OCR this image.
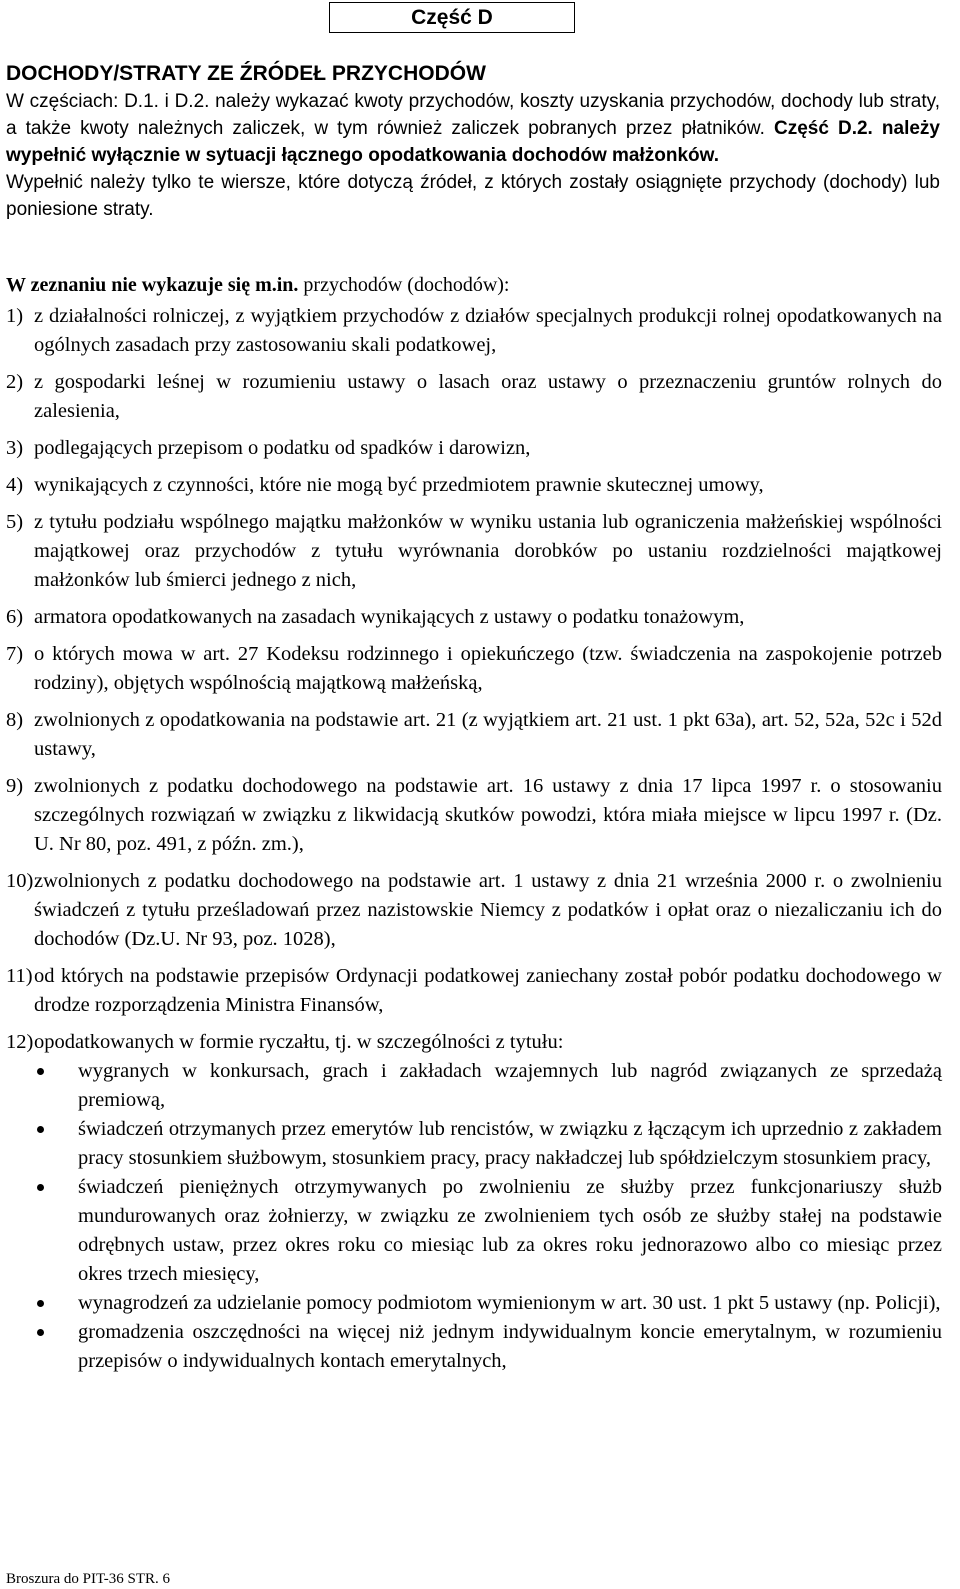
Część D
DOCHODY/STRATY ZE ŹRÓDEŁ PRZYCHODÓW

W częściach: D.1. i D.2. należy wykazać kwoty przychodów, koszty uzyskania przychodów, dochody lub straty, a także kwoty należnych zaliczek, w tym również zaliczek pobranych przez płatników. Część D.2. należy wypełnić wyłącznie w sytuacji łącznego opodatkowania dochodów małżonków.

Wypełnić należy tylko te wiersze, które dotyczą źródeł, z których zostały osiągnięte przychody (dochody) lub poniesione straty.

W zeznaniu nie wykazuje się m.in. przychodów (dochodów):
1) z działalności rolniczej, z wyjątkiem przychodów z działów specjalnych produkcji rolnej opodatkowanych na ogólnych zasadach przy zastosowaniu skali podatkowej,
2) z gospodarki leśnej w rozumieniu ustawy o lasach oraz ustawy o przeznaczeniu gruntów rolnych do zalesienia,
3) podlegających przepisom o podatku od spadków i darowizn,
4) wynikających z czynności, które nie mogą być przedmiotem prawnie skutecznej umowy,
5) z tytułu podziału wspólnego majątku małżonków w wyniku ustania lub ograniczenia małżeńskiej wspólności majątkowej oraz przychodów z tytułu wyrównania dorobków po ustaniu rozdzielności majątkowej małżonków lub śmierci jednego z nich,
6) armatora opodatkowanych na zasadach wynikających z ustawy o podatku tonażowym,
7) o których mowa w art. 27 Kodeksu rodzinnego i opiekuńczego (tzw. świadczenia na zaspokojenie potrzeb rodziny), objętych wspólnością majątkową małżeńską,
8) zwolnionych z opodatkowania na podstawie art. 21 (z wyjątkiem art. 21 ust. 1 pkt 63a), art. 52, 52a, 52c i 52d ustawy,
9) zwolnionych z podatku dochodowego na podstawie art. 16 ustawy z dnia 17 lipca 1997 r. o stosowaniu szczególnych rozwiązań w związku z likwidacją skutków powodzi, która miała miejsce w lipcu 1997 r. (Dz. U. Nr 80, poz. 491, z późn. zm.),
10) zwolnionych z podatku dochodowego na podstawie art. 1 ustawy z dnia 21 września 2000 r. o zwolnieniu świadczeń z tytułu prześladowań przez nazistowskie Niemcy z podatków i opłat oraz o niezaliczaniu ich do dochodów (Dz.U. Nr 93, poz. 1028),
11) od których na podstawie przepisów Ordynacji podatkowej zaniechany został pobór podatku dochodowego w drodze rozporządzenia Ministra Finansów,
12) opodatkowanych w formie ryczałtu, tj. w szczególności z tytułu:
wygranych w konkursach, grach i zakładach wzajemnych lub nagród związanych ze sprzedażą premiową,
świadczeń otrzymanych przez emerytów lub rencistów, w związku z łączącym ich uprzednio z zakładem pracy stosunkiem służbowym, stosunkiem pracy, pracy nakładczej lub spółdzielczym stosunkiem pracy,
świadczeń pieniężnych otrzymywanych po zwolnieniu ze służby przez funkcjonariuszy służb mundurowanych oraz żołnierzy, w związku ze zwolnieniem tych osób ze służby stałej na podstawie odrębnych ustaw, przez okres roku co miesiąc lub za okres roku jednorazowo albo co miesiąc przez okres trzech miesięcy,
wynagrodzeń za udzielanie pomocy podmiotom wymienionym w art. 30 ust. 1 pkt 5 ustawy (np. Policji),
gromadzenia oszczędności na więcej niż jednym indywidualnym koncie emerytalnym, w rozumieniu przepisów o indywidualnych kontach emerytalnych,
Broszura do PIT-36 STR. 6
